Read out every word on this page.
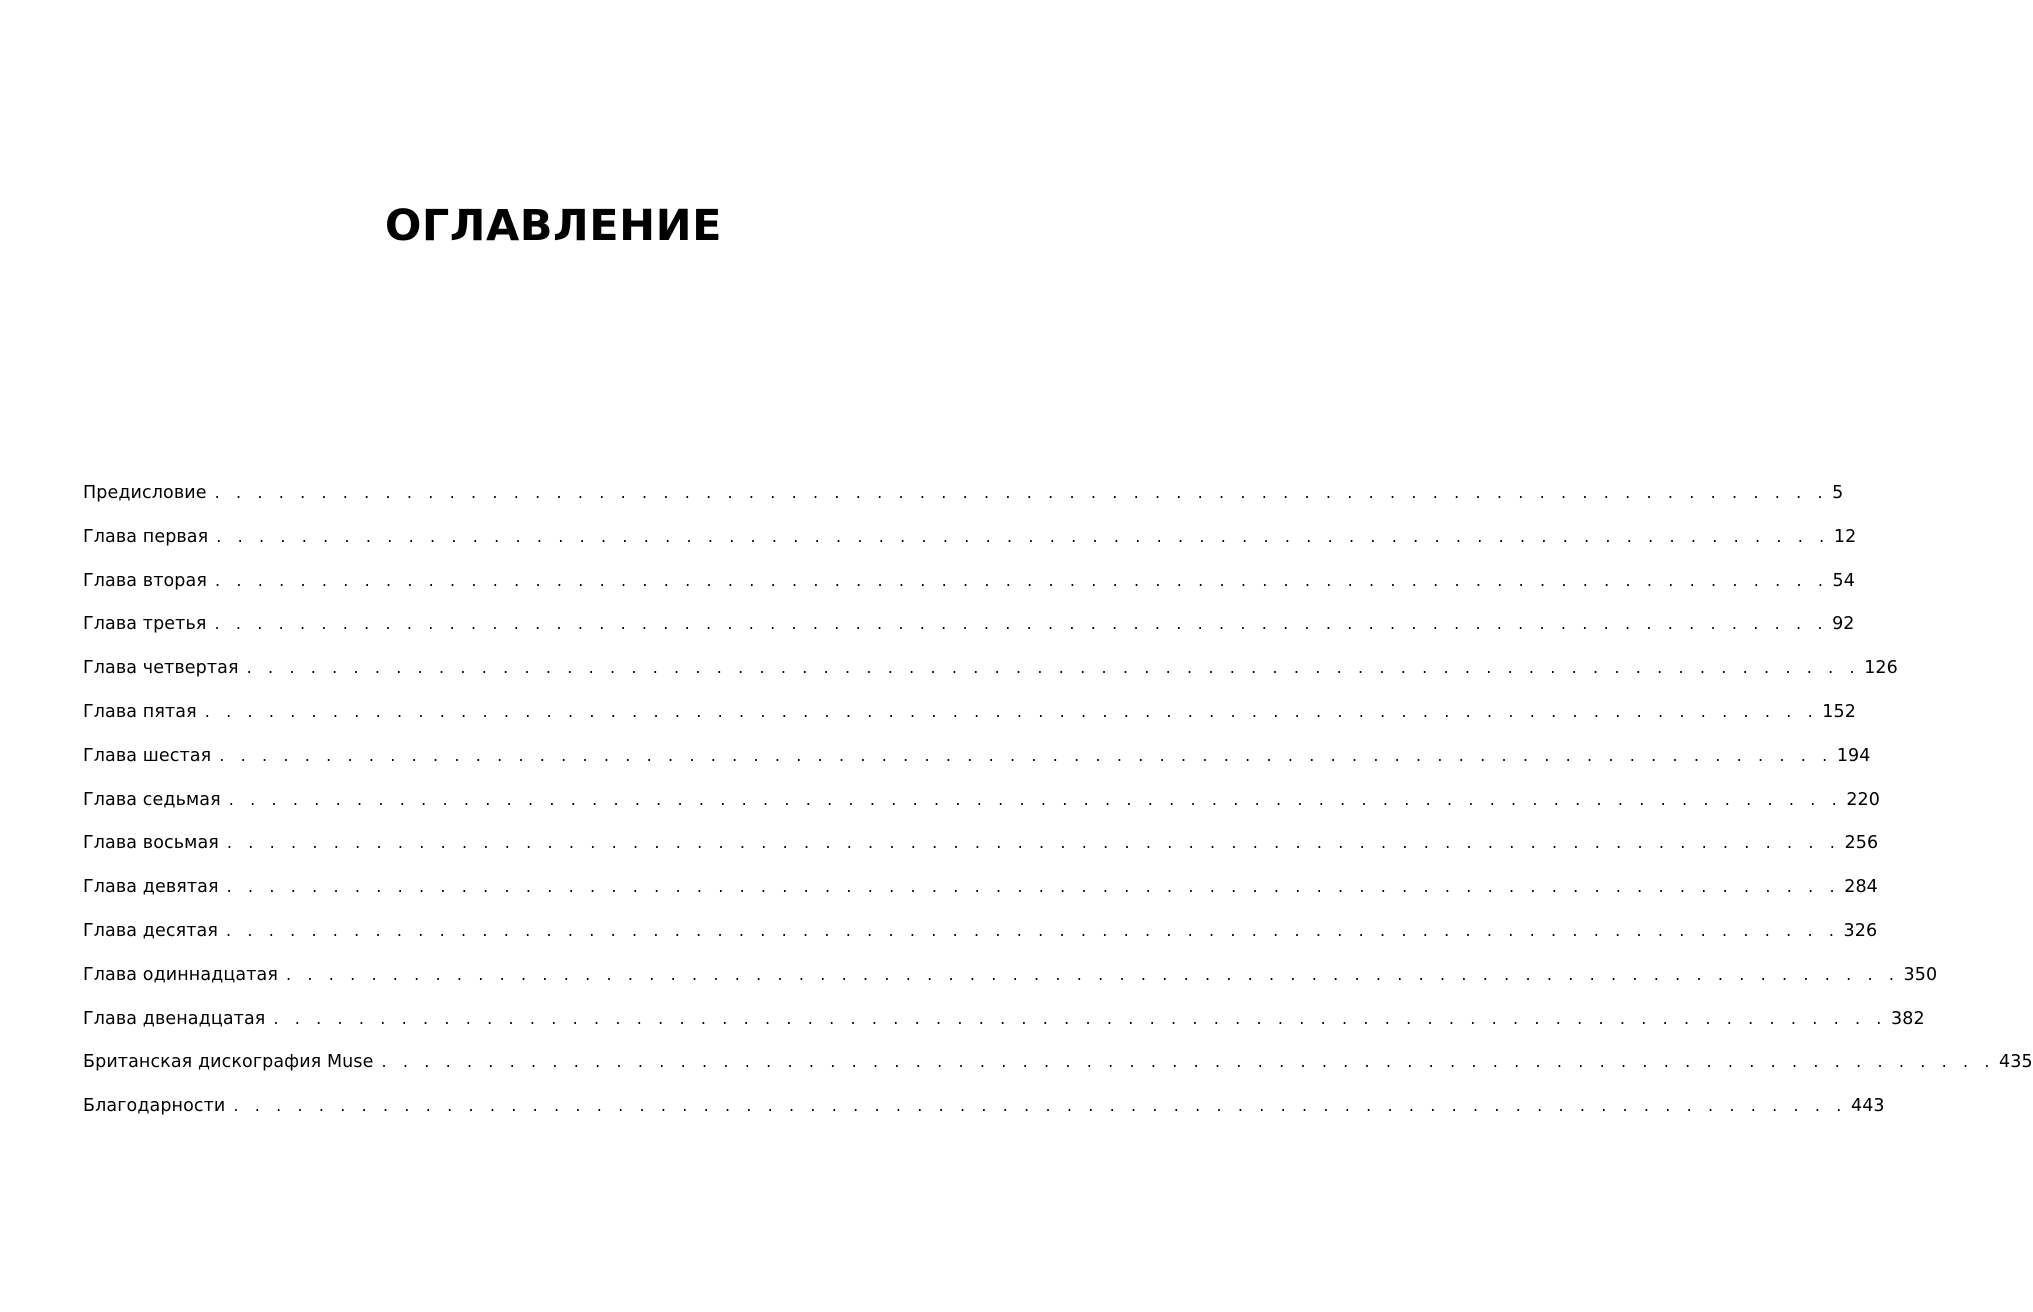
ОГЛАВЛЕНИЕ
Предисловие . . . . . . . . . . . . . . . . . . . . . . . . . . . . . . . . . . . . . . . . . . . . . . . . . . . . . . . . . . . . . . . . . . . . . . . . . . . . 5
Глава первая . . . . . . . . . . . . . . . . . . . . . . . . . . . . . . . . . . . . . . . . . . . . . . . . . . . . . . . . . . . . . . . . . . . . . . . . . . . . 12
Глава вторая . . . . . . . . . . . . . . . . . . . . . . . . . . . . . . . . . . . . . . . . . . . . . . . . . . . . . . . . . . . . . . . . . . . . . . . . . . . . 54
Глава третья . . . . . . . . . . . . . . . . . . . . . . . . . . . . . . . . . . . . . . . . . . . . . . . . . . . . . . . . . . . . . . . . . . . . . . . . . . . . 92
Глава четвертая . . . . . . . . . . . . . . . . . . . . . . . . . . . . . . . . . . . . . . . . . . . . . . . . . . . . . . . . . . . . . . . . . . . . . . . . . . . . 126
Глава пятая . . . . . . . . . . . . . . . . . . . . . . . . . . . . . . . . . . . . . . . . . . . . . . . . . . . . . . . . . . . . . . . . . . . . . . . . . . . . 152
Глава шестая . . . . . . . . . . . . . . . . . . . . . . . . . . . . . . . . . . . . . . . . . . . . . . . . . . . . . . . . . . . . . . . . . . . . . . . . . . . . 194
Глава седьмая . . . . . . . . . . . . . . . . . . . . . . . . . . . . . . . . . . . . . . . . . . . . . . . . . . . . . . . . . . . . . . . . . . . . . . . . . . . . 220
Глава восьмая . . . . . . . . . . . . . . . . . . . . . . . . . . . . . . . . . . . . . . . . . . . . . . . . . . . . . . . . . . . . . . . . . . . . . . . . . . . . 256
Глава девятая . . . . . . . . . . . . . . . . . . . . . . . . . . . . . . . . . . . . . . . . . . . . . . . . . . . . . . . . . . . . . . . . . . . . . . . . . . . . 284
Глава десятая . . . . . . . . . . . . . . . . . . . . . . . . . . . . . . . . . . . . . . . . . . . . . . . . . . . . . . . . . . . . . . . . . . . . . . . . . . . . 326
Глава одиннадцатая . . . . . . . . . . . . . . . . . . . . . . . . . . . . . . . . . . . . . . . . . . . . . . . . . . . . . . . . . . . . . . . . . . . . . . . . . . . . 350
Глава двенадцатая . . . . . . . . . . . . . . . . . . . . . . . . . . . . . . . . . . . . . . . . . . . . . . . . . . . . . . . . . . . . . . . . . . . . . . . . . . . . 382
Британская дискография Muse . . . . . . . . . . . . . . . . . . . . . . . . . . . . . . . . . . . . . . . . . . . . . . . . . . . . . . . . . . . . . . . . . . . . . . . . . . . . 435
Благодарности . . . . . . . . . . . . . . . . . . . . . . . . . . . . . . . . . . . . . . . . . . . . . . . . . . . . . . . . . . . . . . . . . . . . . . . . . . . . 443
